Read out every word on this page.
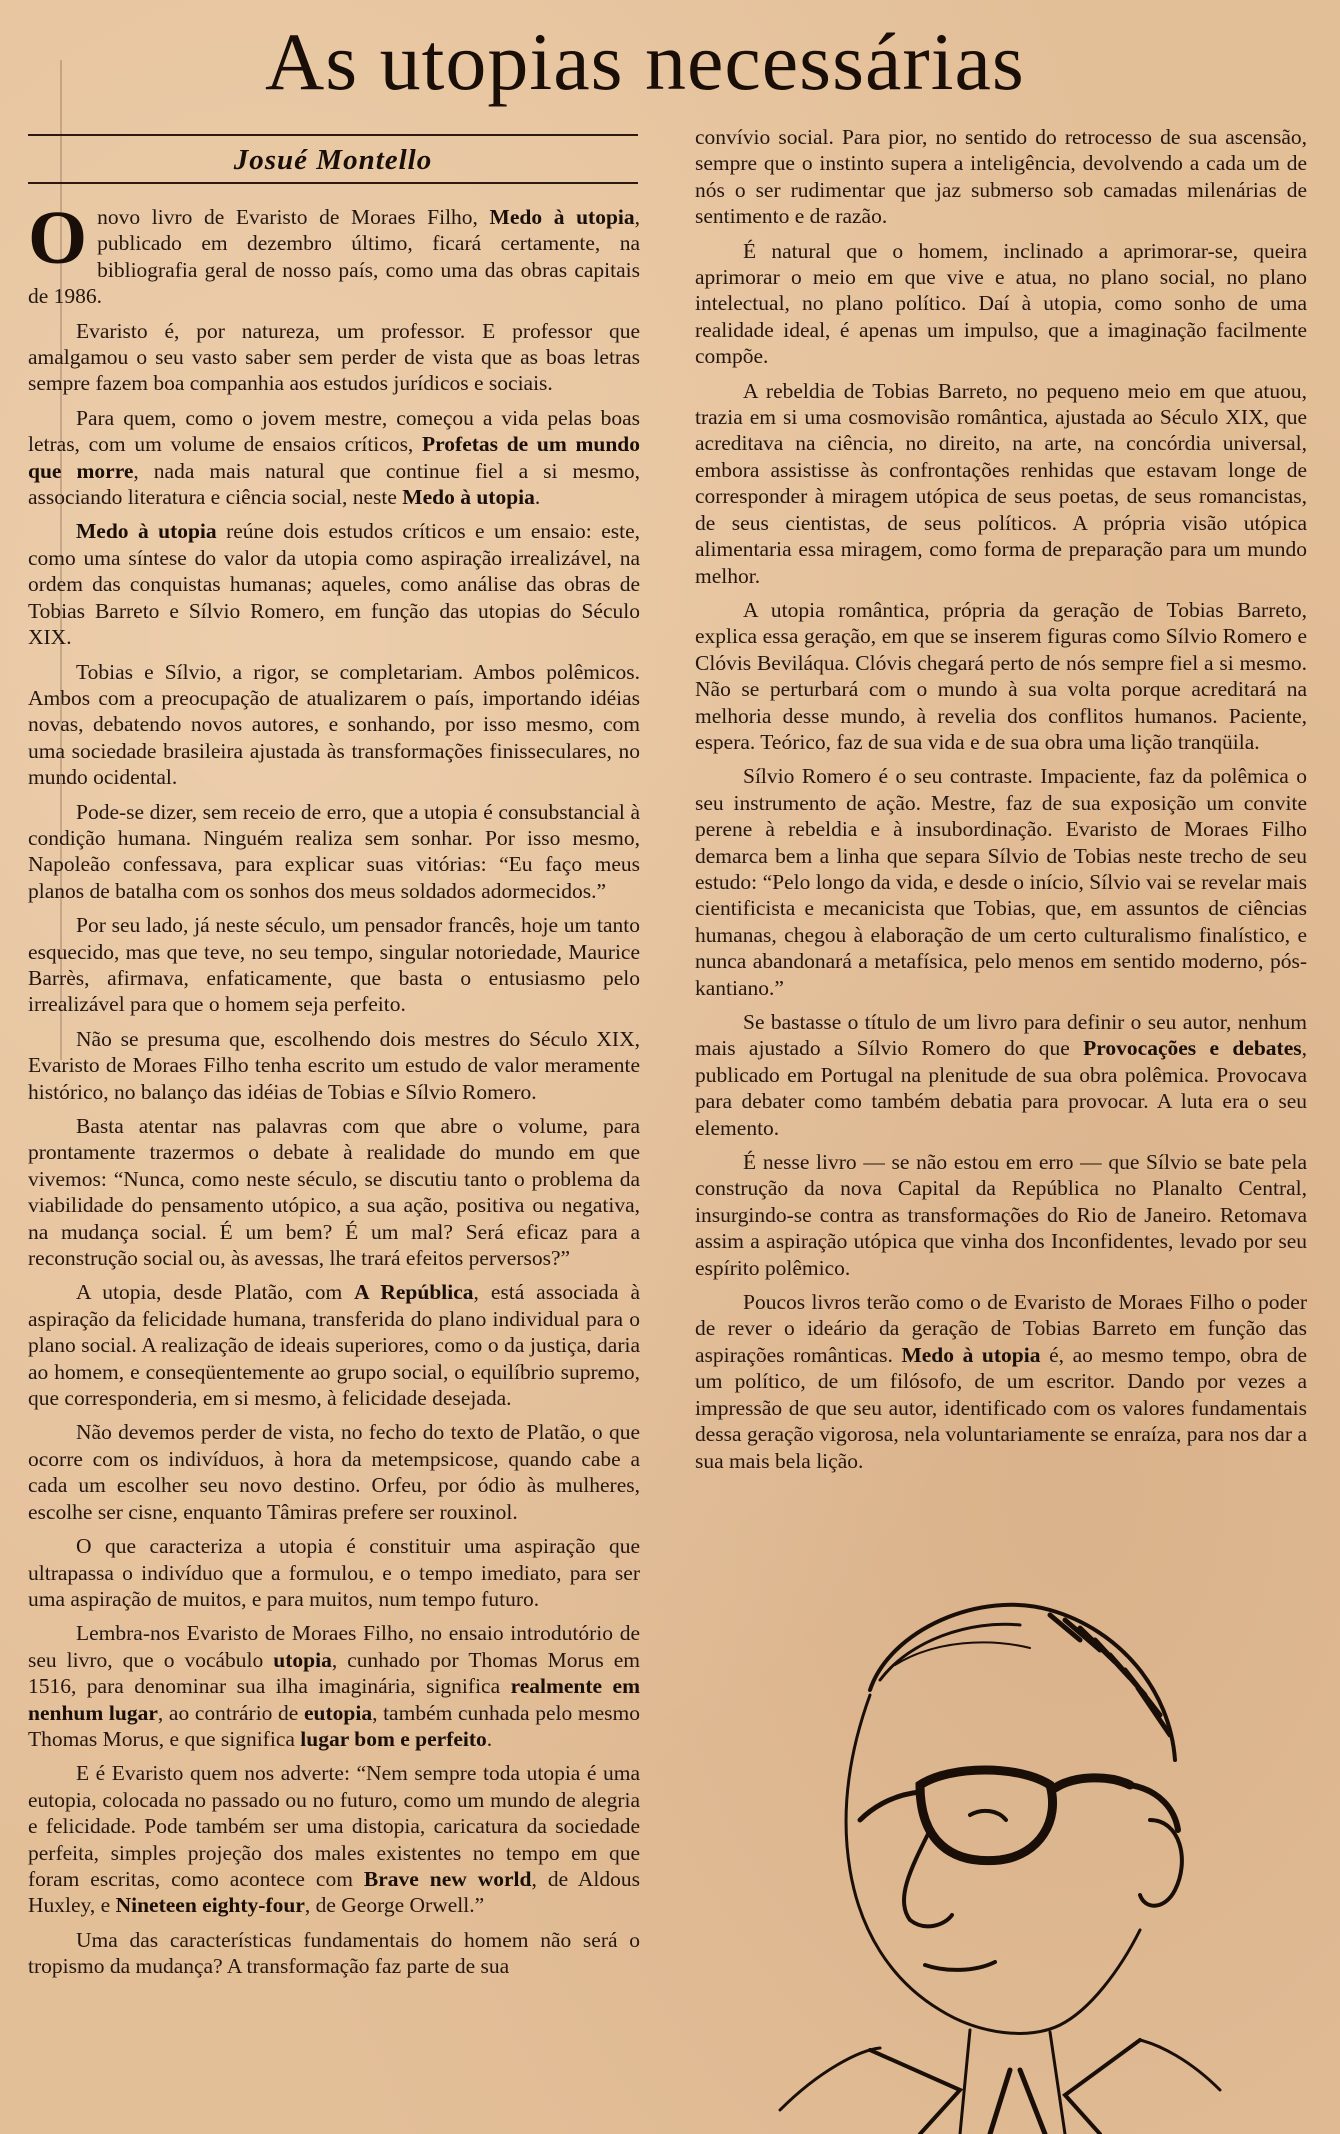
As utopias necessárias
Josué Montello

Onovo livro de Evaristo de Moraes Filho, Medo à utopia, publicado em dezembro último, ficará certamente, na bibliografia geral de nosso país, como uma das obras capitais de 1986.

Evaristo é, por natureza, um professor. E professor que amalgamou o seu vasto saber sem perder de vista que as boas letras sempre fazem boa companhia aos estudos jurídicos e sociais.

Para quem, como o jovem mestre, começou a vida pelas boas letras, com um volume de ensaios críticos, Profetas de um mundo que morre, nada mais natural que continue fiel a si mesmo, associando literatura e ciência social, neste Medo à utopia.

Medo à utopia reúne dois estudos críticos e um ensaio: este, como uma síntese do valor da utopia como aspiração irrealizável, na ordem das conquistas humanas; aqueles, como análise das obras de Tobias Barreto e Sílvio Romero, em função das utopias do Século XIX.

Tobias e Sílvio, a rigor, se completariam. Ambos polêmicos. Ambos com a preocupação de atualizarem o país, importando idéias novas, debatendo novos autores, e sonhando, por isso mesmo, com uma sociedade brasileira ajustada às transformações finisseculares, no mundo ocidental.

Pode-se dizer, sem receio de erro, que a utopia é consubstancial à condição humana. Ninguém realiza sem sonhar. Por isso mesmo, Napoleão confessava, para explicar suas vitórias: “Eu faço meus planos de batalha com os sonhos dos meus soldados adormecidos.”

Por seu lado, já neste século, um pensador francês, hoje um tanto esquecido, mas que teve, no seu tempo, singular notoriedade, Maurice Barrès, afirmava, enfaticamente, que basta o entusiasmo pelo irrealizável para que o homem seja perfeito.

Não se presuma que, escolhendo dois mestres do Século XIX, Evaristo de Moraes Filho tenha escrito um estudo de valor meramente histórico, no balanço das idéias de Tobias e Sílvio Romero.

Basta atentar nas palavras com que abre o volume, para prontamente trazermos o debate à realidade do mundo em que vivemos: “Nunca, como neste século, se discutiu tanto o problema da viabilidade do pensamento utópico, a sua ação, positiva ou negativa, na mudança social. É um bem? É um mal? Será eficaz para a reconstrução social ou, às avessas, lhe trará efeitos perversos?”

A utopia, desde Platão, com A República, está associada à aspiração da felicidade humana, transferida do plano individual para o plano social. A realização de ideais superiores, como o da justiça, daria ao homem, e conseqüentemente ao grupo social, o equilíbrio supremo, que corresponderia, em si mesmo, à felicidade desejada.

Não devemos perder de vista, no fecho do texto de Platão, o que ocorre com os indivíduos, à hora da metempsicose, quando cabe a cada um escolher seu novo destino. Orfeu, por ódio às mulheres, escolhe ser cisne, enquanto Tâmiras prefere ser rouxinol.

O que caracteriza a utopia é constituir uma aspiração que ultrapassa o indivíduo que a formulou, e o tempo imediato, para ser uma aspiração de muitos, e para muitos, num tempo futuro.

Lembra-nos Evaristo de Moraes Filho, no ensaio introdutório de seu livro, que o vocábulo utopia, cunhado por Thomas Morus em 1516, para denominar sua ilha imaginária, significa realmente em nenhum lugar, ao contrário de eutopia, também cunhada pelo mesmo Thomas Morus, e que significa lugar bom e perfeito.

E é Evaristo quem nos adverte: “Nem sempre toda utopia é uma eutopia, colocada no passado ou no futuro, como um mundo de alegria e felicidade. Pode também ser uma distopia, caricatura da sociedade perfeita, simples projeção dos males existentes no tempo em que foram escritas, como acontece com Brave new world, de Aldous Huxley, e Nineteen eighty-four, de George Orwell.”

Uma das características fundamentais do homem não será o tropismo da mudança? A transformação faz parte de sua

convívio social. Para pior, no sentido do retrocesso de sua ascensão, sempre que o instinto supera a inteligência, devolvendo a cada um de nós o ser rudimentar que jaz submerso sob camadas milenárias de sentimento e de razão.

É natural que o homem, inclinado a aprimorar-se, queira aprimorar o meio em que vive e atua, no plano social, no plano intelectual, no plano político. Daí à utopia, como sonho de uma realidade ideal, é apenas um impulso, que a imaginação facilmente compõe.

A rebeldia de Tobias Barreto, no pequeno meio em que atuou, trazia em si uma cosmovisão romântica, ajustada ao Século XIX, que acreditava na ciência, no direito, na arte, na concórdia universal, embora assistisse às confrontações renhidas que estavam longe de corresponder à miragem utópica de seus poetas, de seus romancistas, de seus cientistas, de seus políticos. A própria visão utópica alimentaria essa miragem, como forma de preparação para um mundo melhor.

A utopia romântica, própria da geração de Tobias Barreto, explica essa geração, em que se inserem figuras como Sílvio Romero e Clóvis Beviláqua. Clóvis chegará perto de nós sempre fiel a si mesmo. Não se perturbará com o mundo à sua volta porque acreditará na melhoria desse mundo, à revelia dos conflitos humanos. Paciente, espera. Teórico, faz de sua vida e de sua obra uma lição tranqüila.

Sílvio Romero é o seu contraste. Impaciente, faz da polêmica o seu instrumento de ação. Mestre, faz de sua exposição um convite perene à rebeldia e à insubordinação. Evaristo de Moraes Filho demarca bem a linha que separa Sílvio de Tobias neste trecho de seu estudo: “Pelo longo da vida, e desde o início, Sílvio vai se revelar mais cientificista e mecanicista que Tobias, que, em assuntos de ciências humanas, chegou à elaboração de um certo culturalismo finalístico, e nunca abandonará a metafísica, pelo menos em sentido moderno, pós-kantiano.”

Se bastasse o título de um livro para definir o seu autor, nenhum mais ajustado a Sílvio Romero do que Provocações e debates, publicado em Portugal na plenitude de sua obra polêmica. Provocava para debater como também debatia para provocar. A luta era o seu elemento.

É nesse livro — se não estou em erro — que Sílvio se bate pela construção da nova Capital da República no Planalto Central, insurgindo-se contra as transformações do Rio de Janeiro. Retomava assim a aspiração utópica que vinha dos Inconfidentes, levado por seu espírito polêmico.

Poucos livros terão como o de Evaristo de Moraes Filho o poder de rever o ideário da geração de Tobias Barreto em função das aspirações românticas. Medo à utopia é, ao mesmo tempo, obra de um político, de um filósofo, de um escritor. Dando por vezes a impressão de que seu autor, identificado com os valores fundamentais dessa geração vigorosa, nela voluntariamente se enraíza, para nos dar a sua mais bela lição.
